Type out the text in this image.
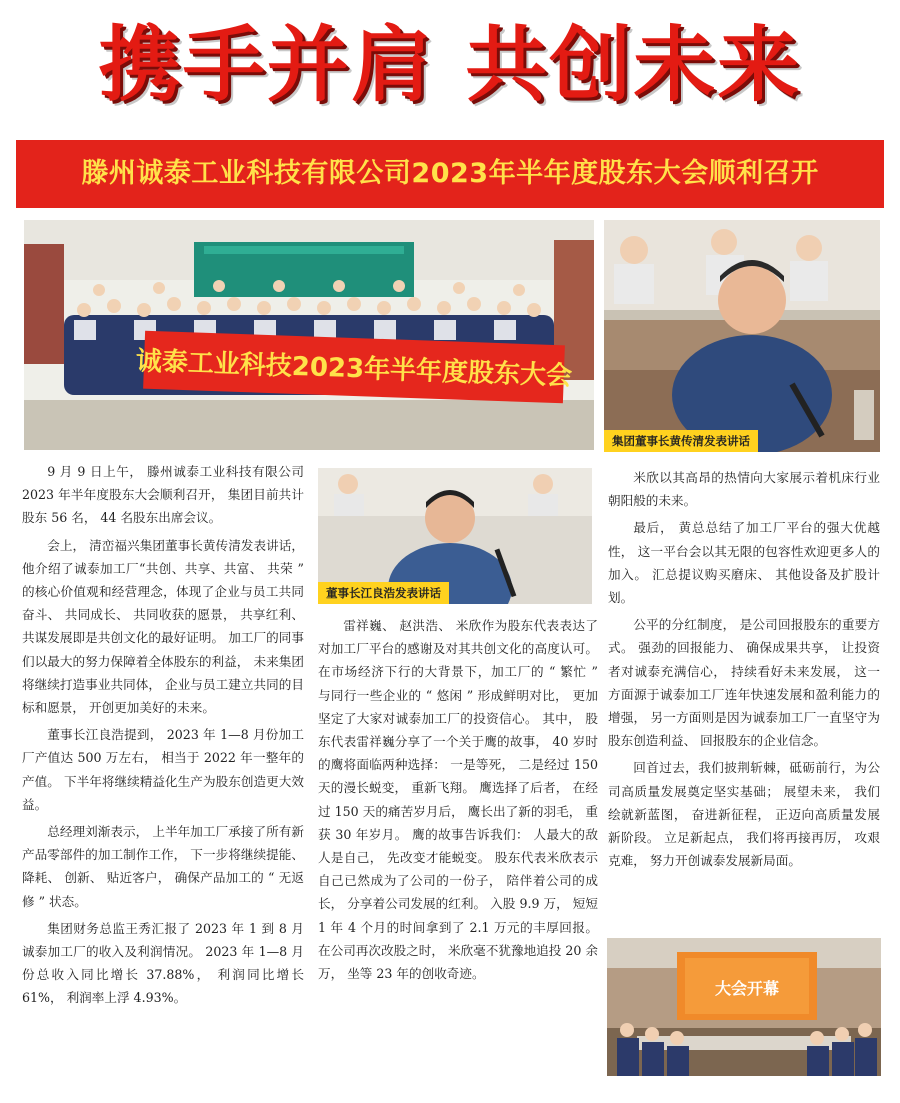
携手并肩 共创未来
滕州诚泰工业科技有限公司2023年半年度股东大会顺利召开
诚泰工业科技2023年半年度股东大会
集团董事长黄传清发表讲话
董事长江良浩发表讲话
大会开幕

9 月 9 日上午， 滕州诚泰工业科技有限公司 2023 年半年度股东大会顺利召开， 集团目前共计股东 56 名， 44 名股东出席会议。

会上， 清峦福兴集团董事长黄传清发表讲话，他介绍了诚泰加工厂“共创、共享、共富、 共荣 ” 的核心价值观和经营理念，体现了企业与员工共同奋斗、 共同成长、 共同收获的愿景， 共享红利、 共谋发展即是共创文化的最好证明。 加工厂的同事们以最大的努力保障着全体股东的利益， 未来集团将继续打造事业共同体， 企业与员工建立共同的目标和愿景， 开创更加美好的未来。

董事长江良浩提到， 2023 年 1—8 月份加工厂产值达 500 万左右， 相当于 2022 年一整年的产值。 下半年将继续精益化生产为股东创造更大效益。

总经理刘渐表示， 上半年加工厂承接了所有新产品零部件的加工制作工作， 下一步将继续提能、 降耗、 创新、 贴近客户， 确保产品加工的 “ 无返修 ” 状态。

集团财务总监王秀汇报了 2023 年 1 到 8 月诚泰加工厂的收入及利润情况。 2023 年 1—8 月份总收入同比增长 37.88%， 利润同比增长 61%， 利润率上浮 4.93%。

雷祥巍、 赵洪浩、 米欣作为股东代表表达了对加工厂平台的感谢及对其共创文化的高度认可。 在市场经济下行的大背景下，加工厂的 “ 繁忙 ” 与同行一些企业的 “ 悠闲 ” 形成鲜明对比， 更加坚定了大家对诚泰加工厂的投资信心。 其中， 股东代表雷祥巍分享了一个关于鹰的故事， 40 岁时的鹰将面临两种选择： 一是等死， 二是经过 150 天的漫长蜕变， 重新飞翔。 鹰选择了后者， 在经过 150 天的痛苦岁月后， 鹰长出了新的羽毛， 重获 30 年岁月。 鹰的故事告诉我们： 人最大的敌人是自己， 先改变才能蜕变。 股东代表米欣表示自己已然成为了公司的一份子， 陪伴着公司的成长， 分享着公司发展的红利。 入股 9.9 万， 短短 1 年 4 个月的时间拿到了 2.1 万元的丰厚回报。 在公司再次改股之时， 米欣毫不犹豫地追投 20 余万， 坐等 23 年的创收奇迹。

米欣以其高昂的热情向大家展示着机床行业朝阳般的未来。

最后， 黄总总结了加工厂平台的强大优越性， 这一平台会以其无限的包容性欢迎更多人的加入。 汇总提议购买磨床、 其他设备及扩股计划。

公平的分红制度， 是公司回报股东的重要方式。 强劲的回报能力、 确保成果共享， 让投资者对诚泰充满信心， 持续看好未来发展， 这一方面源于诚泰加工厂连年快速发展和盈利能力的增强， 另一方面则是因为诚泰加工厂一直坚守为股东创造利益、 回报股东的企业信念。

回首过去，我们披荆斩棘，砥砺前行，为公司高质量发展奠定坚实基础； 展望未来， 我们绘就新蓝图， 奋进新征程， 正迈向高质量发展新阶段。 立足新起点， 我们将再接再厉， 攻艰克难， 努力开创诚泰发展新局面。
